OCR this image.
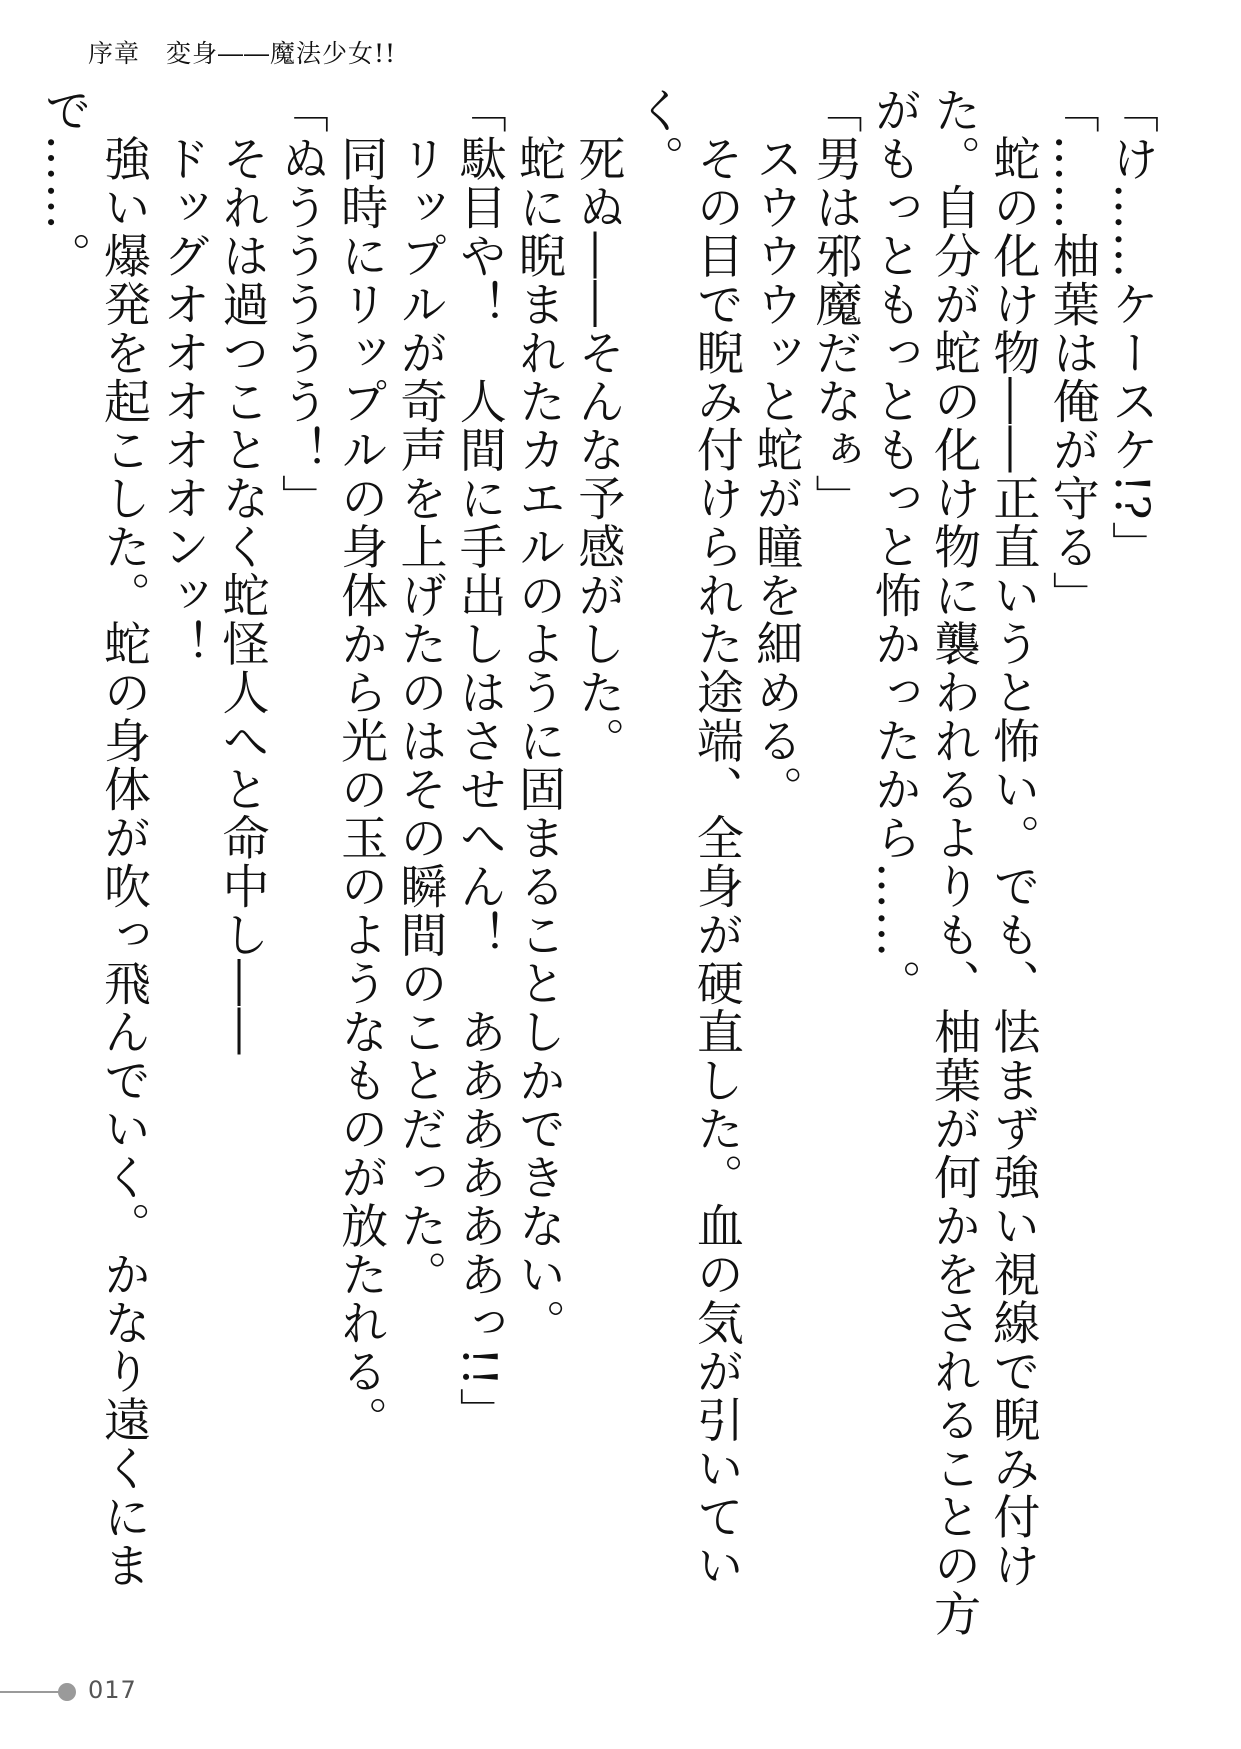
序章　変身――魔法少女!!

「け……ケースケ!?」

「……柚葉は俺が守る」

　蛇の化け物――正直いうと怖い。でも、怯まず強い視線で睨み付けた。自分が蛇の化け物に襲われるよりも、柚葉が何かをされることの方がもっともっともっと怖かったから……。

「男は邪魔だなぁ」

　スウウウッと蛇が瞳を細める。

　その目で睨み付けられた途端、全身が硬直した。血の気が引いていく。

　死ぬ――そんな予感がした。

　蛇に睨まれたカエルのように固まることしかできない。

「駄目や！　人間に手出しはさせへん！　ああああああっ!!」

　リップルが奇声を上げたのはその瞬間のことだった。

　同時にリップルの身体から光の玉のようなものが放たれる。

「ぬううううう！」

　それは過つことなく蛇怪人へと命中し――

　ドッグオオオオオンッ！

　強い爆発を起こした。蛇の身体が吹っ飛んでいく。かなり遠くにまで……。

017
